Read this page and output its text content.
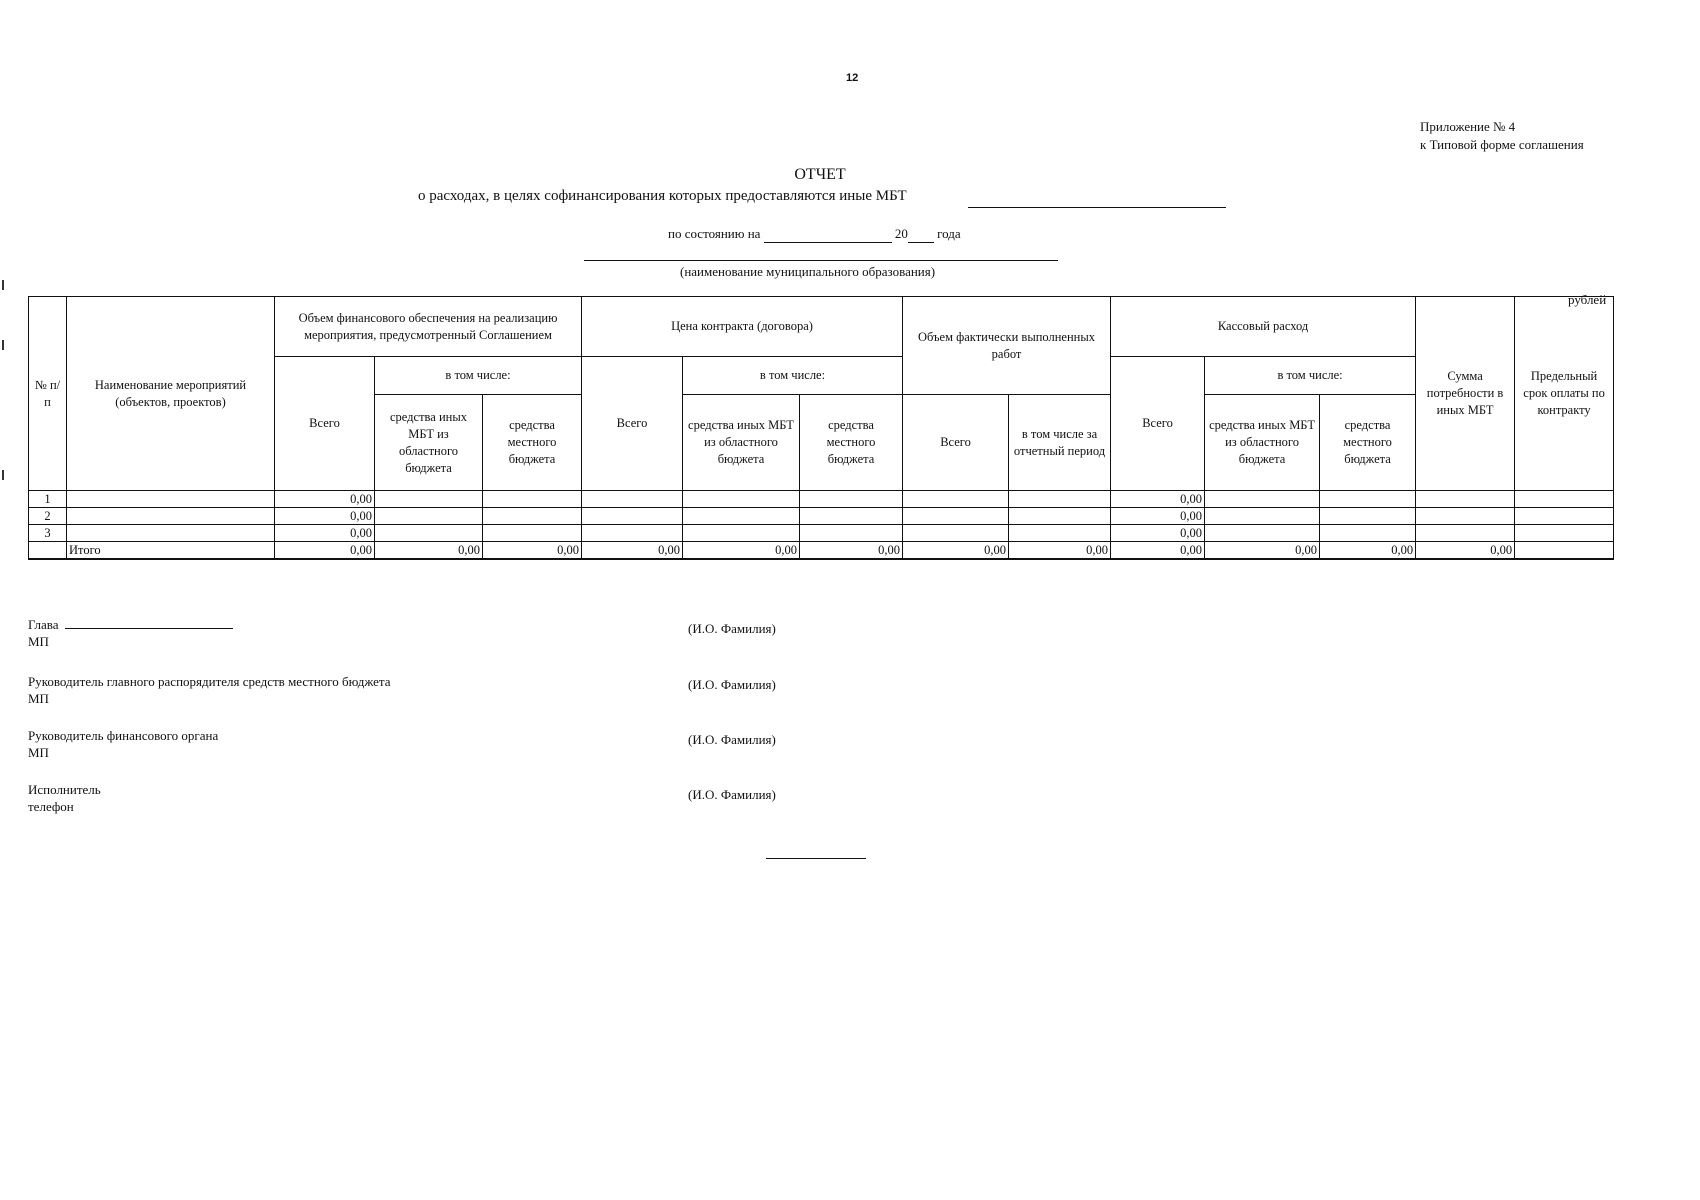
12
Приложение № 4
к Типовой форме соглашения
ОТЧЕТ
о расходах, в целях софинансирования которых предоставляются иные МБТ
по состоянию на	20 года
(наименование муниципального образования)
рублей
№ п/п	Наименование мероприятий (объектов, проектов)	Объем финансового обеспечения на реализацию мероприятия, предусмотренный Соглашением			Цена контракта (договора)			Объем фактически выполненных работ		Кассовый расход			Сумма потребности в иных МБТ	Предельный срок оплаты по контракту
		Всего	в том числе:		Всего	в том числе:				Всего	в том числе:			
			средства иных МБТ из областного бюджета	средства местного бюджета		средства иных МБТ из областного бюджета	средства местного бюджета	Всего	в том числе за отчетный период		средства иных МБТ из областного бюджета	средства местного бюджета		
1		0,00								0,00				
2		0,00								0,00				
3		0,00								0,00				
	Итого	0,00	0,00	0,00	0,00	0,00	0,00	0,00	0,00	0,00	0,00	0,00	0,00	
Глава
МП
(И.О. Фамилия)
Руководитель главного распорядителя средств местного бюджета
МП
(И.О. Фамилия)
Руководитель финансового органа
МП
(И.О. Фамилия)
Исполнитель
телефон
(И.О. Фамилия)
